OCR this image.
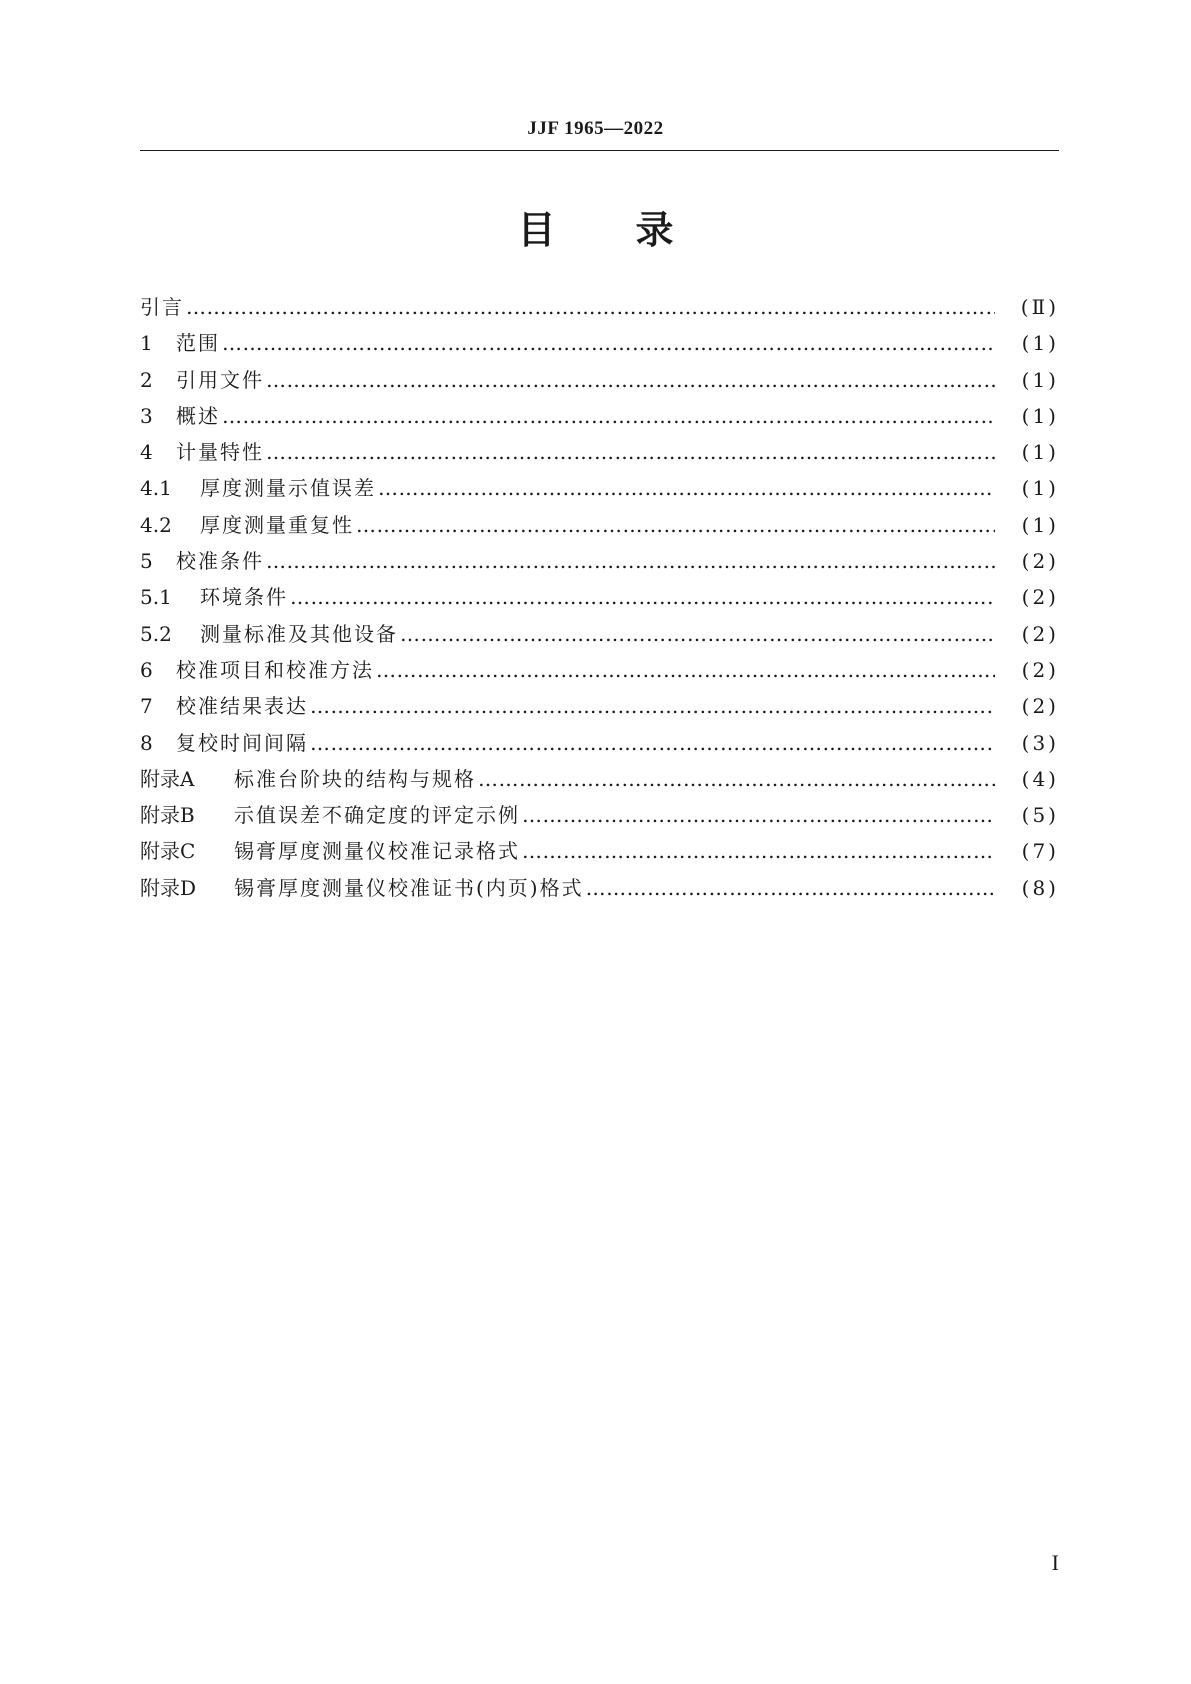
JJF 1965—2022
目 录
引言 ……………………………………………………………………………………………………………………………………………………………………………………………………………………	(Ⅱ)
1	范围 ……………………………………………………………………………………………………………………………………………………………………………………………………………………	(1)
2	引用文件 ……………………………………………………………………………………………………………………………………………………………………………………………………………………	(1)
3	概述 ……………………………………………………………………………………………………………………………………………………………………………………………………………………	(1)
4	计量特性 ……………………………………………………………………………………………………………………………………………………………………………………………………………………	(1)
4.1	厚度测量示值误差 ……………………………………………………………………………………………………………………………………………………………………………………………………………………	(1)
4.2	厚度测量重复性 ……………………………………………………………………………………………………………………………………………………………………………………………………………………	(1)
5	校准条件 ……………………………………………………………………………………………………………………………………………………………………………………………………………………	(2)
5.1	环境条件 ……………………………………………………………………………………………………………………………………………………………………………………………………………………	(2)
5.2	测量标准及其他设备 ……………………………………………………………………………………………………………………………………………………………………………………………………………………	(2)
6	校准项目和校准方法 ……………………………………………………………………………………………………………………………………………………………………………………………………………………	(2)
7	校准结果表达 ……………………………………………………………………………………………………………………………………………………………………………………………………………………	(2)
8	复校时间间隔 ……………………………………………………………………………………………………………………………………………………………………………………………………………………	(3)
附录A	标准台阶块的结构与规格 ……………………………………………………………………………………………………………………………………………………………………………………………………………………	(4)
附录B	示值误差不确定度的评定示例 ……………………………………………………………………………………………………………………………………………………………………………………………………………………	(5)
附录C	锡膏厚度测量仪校准记录格式 ……………………………………………………………………………………………………………………………………………………………………………………………………………………	(7)
附录D	锡膏厚度测量仪校准证书(内页)格式 ……………………………………………………………………………………………………………………………………………………………………………………………………………………	(8)
I
